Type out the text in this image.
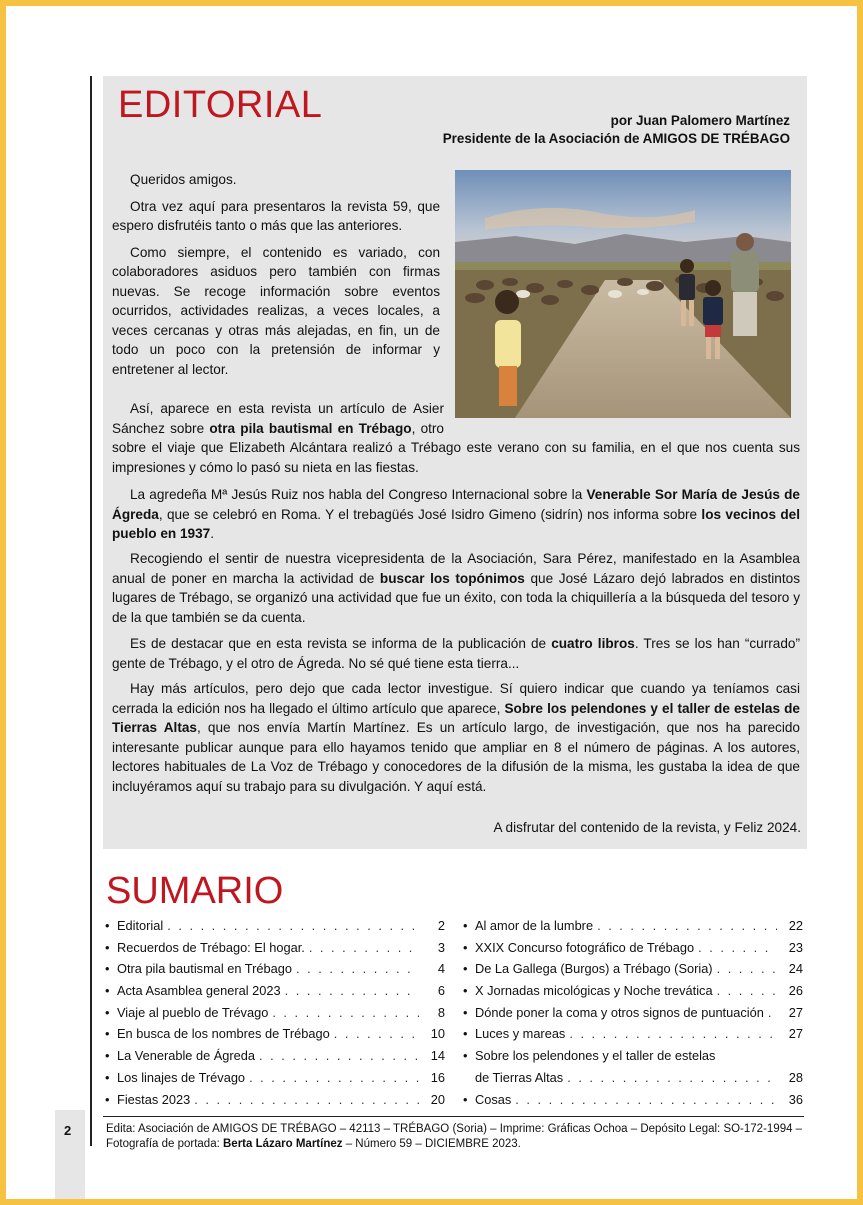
EDITORIAL	por Juan Palomero Martínez
Presidente de la Asociación de AMIGOS DE TRÉBAGO
Queridos amigos.
Otra vez aquí para presentaros la revista 59, que espero disfrutéis tanto o más que las anteriores.
Como siempre, el contenido es variado, con colaboradores asiduos pero también con firmas nuevas. Se recoge información sobre eventos ocurridos, actividades realizas, a veces locales, a veces cercanas y otras más alejadas, en fin, un de todo un poco con la pretensión de informar y entretener al lector.

Así, aparece en esta revista un artículo de Asier Sánchez sobre otra pila bautismal en Trébago, otro sobre el viaje que Elizabeth Alcántara realizó a Trébago este verano con su familia, en el que nos cuenta sus impresiones y cómo lo pasó su nieta en las fiestas.

La agredeña Mª Jesús Ruiz nos habla del Congreso Internacional sobre la Venerable Sor María de Jesús de Ágreda, que se celebró en Roma. Y el trebagüés José Isidro Gimeno (sidrín) nos informa sobre los vecinos del pueblo en 1937.

Recogiendo el sentir de nuestra vicepresidenta de la Asociación, Sara Pérez, manifestado en la Asamblea anual de poner en marcha la actividad de buscar los topónimos que José Lázaro dejó labrados en distintos lugares de Trébago, se organizó una actividad que fue un éxito, con toda la chiquillería a la búsqueda del tesoro y de la que también se da cuenta.

Es de destacar que en esta revista se informa de la publicación de cuatro libros. Tres se los han “currado” gente de Trébago, y el otro de Ágreda. No sé qué tiene esta tierra...

Hay más artículos, pero dejo que cada lector investigue. Sí quiero indicar que cuando ya teníamos casi cerrada la edición nos ha llegado el último artículo que aparece, Sobre los pelendones y el taller de estelas de Tierras Altas, que nos envía Martín Martínez. Es un artículo largo, de investigación, que nos ha parecido interesante publicar aunque para ello hayamos tenido que ampliar en 8 el número de páginas. A los autores, lectores habituales de La Voz de Trébago y conocedores de la difusión de la misma, les gustaba la idea de que incluyéramos aquí su trabajo para su divulgación. Y aquí está.

A disfrutar del contenido de la revista, y Feliz 2024.
SUMARIO
• Editorial . . .	2
• Recuerdos de Trébago: El hogar. . . .	3
• Otra pila bautismal en Trébago . . .	4
• Acta Asamblea general 2023 . . .	6
• Viaje al pueblo de Trévago . . .	8
• En busca de los nombres de Trébago . . .	10
• La Venerable de Ágreda . . .	14
• Los linajes de Trévago . . .	16
• Fiestas 2023 . . .	20
• Al amor de la lumbre . . .	22
• XXIX Concurso fotográfico de Trébago . . .	23
• De La Gallega (Burgos) a Trébago (Soria) . . .	24
• X Jornadas micológicas y Noche trevática . . .	26
• Dónde poner la coma y otros signos de puntuación . . .	27
• Luces y mareas . . .	27
• Sobre los pelendones y el taller de estelas
de Tierras Altas . . .	28
• Cosas . . .	36
2	Edita: Asociación de AMIGOS DE TRÉBAGO – 42113 – TRÉBAGO (Soria) – Imprime: Gráficas Ochoa – Depósito Legal: SO-172-1994 – Fotografía de portada: Berta Lázaro Martínez – Número 59 – DICIEMBRE 2023.
